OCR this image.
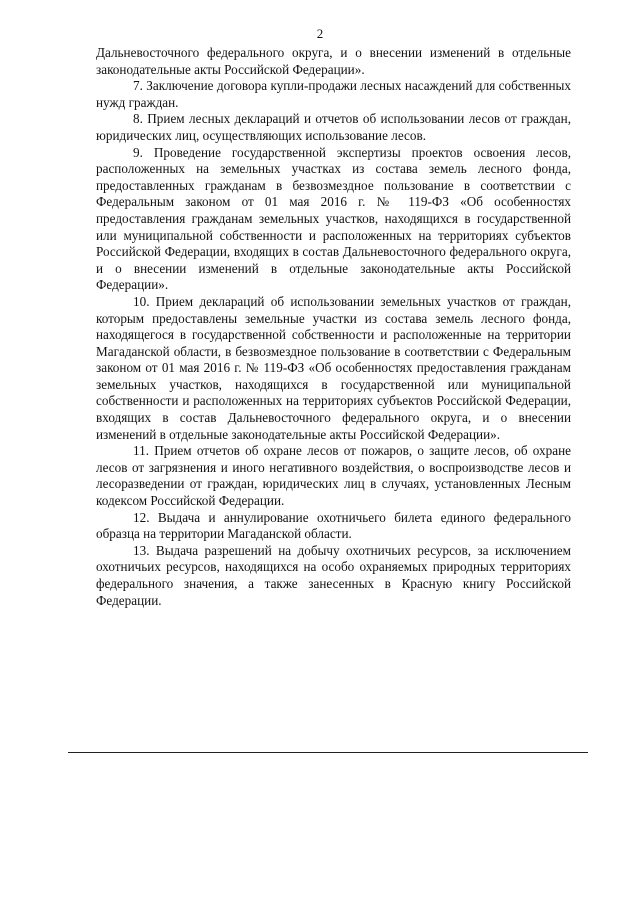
2

Дальневосточного федерального округа, и о внесении изменений в отдельные законодательные акты Российской Федерации».

7. Заключение договора купли-продажи лесных насаждений для собственных нужд граждан.

8. Прием лесных деклараций и отчетов об использовании лесов от граждан, юридических лиц, осуществляющих использование лесов.

9. Проведение государственной экспертизы проектов освоения лесов, расположенных на земельных участках из состава земель лесного фонда, предоставленных гражданам в безвозмездное пользование в соответствии с Федеральным законом от 01 мая 2016 г. № 119-ФЗ «Об особенностях предоставления гражданам земельных участков, находящихся в государственной или муниципальной собственности и расположенных на территориях субъектов Российской Федерации, входящих в состав Дальневосточного федерального округа, и о внесении изменений в отдельные законодательные акты Российской Федерации».

10. Прием деклараций об использовании земельных участков от граждан, которым предоставлены земельные участки из состава земель лесного фонда, находящегося в государственной собственности и расположенные на территории Магаданской области, в безвозмездное пользование в соответствии с Федеральным законом от 01 мая 2016 г. № 119-ФЗ «Об особенностях предоставления гражданам земельных участков, находящихся в государственной или муниципальной собственности и расположенных на территориях субъектов Российской Федерации, входящих в состав Дальневосточного федерального округа, и о внесении изменений в отдельные законодательные акты Российской Федерации».

11. Прием отчетов об охране лесов от пожаров, о защите лесов, об охране лесов от загрязнения и иного негативного воздействия, о воспроизводстве лесов и лесоразведении от граждан, юридических лиц в случаях, установленных Лесным кодексом Российской Федерации.

12. Выдача и аннулирование охотничьего билета единого федерального образца на территории Магаданской области.

13. Выдача разрешений на добычу охотничьих ресурсов, за исключением охотничьих ресурсов, находящихся на особо охраняемых природных территориях федерального значения, а также занесенных в Красную книгу Российской Федерации.
